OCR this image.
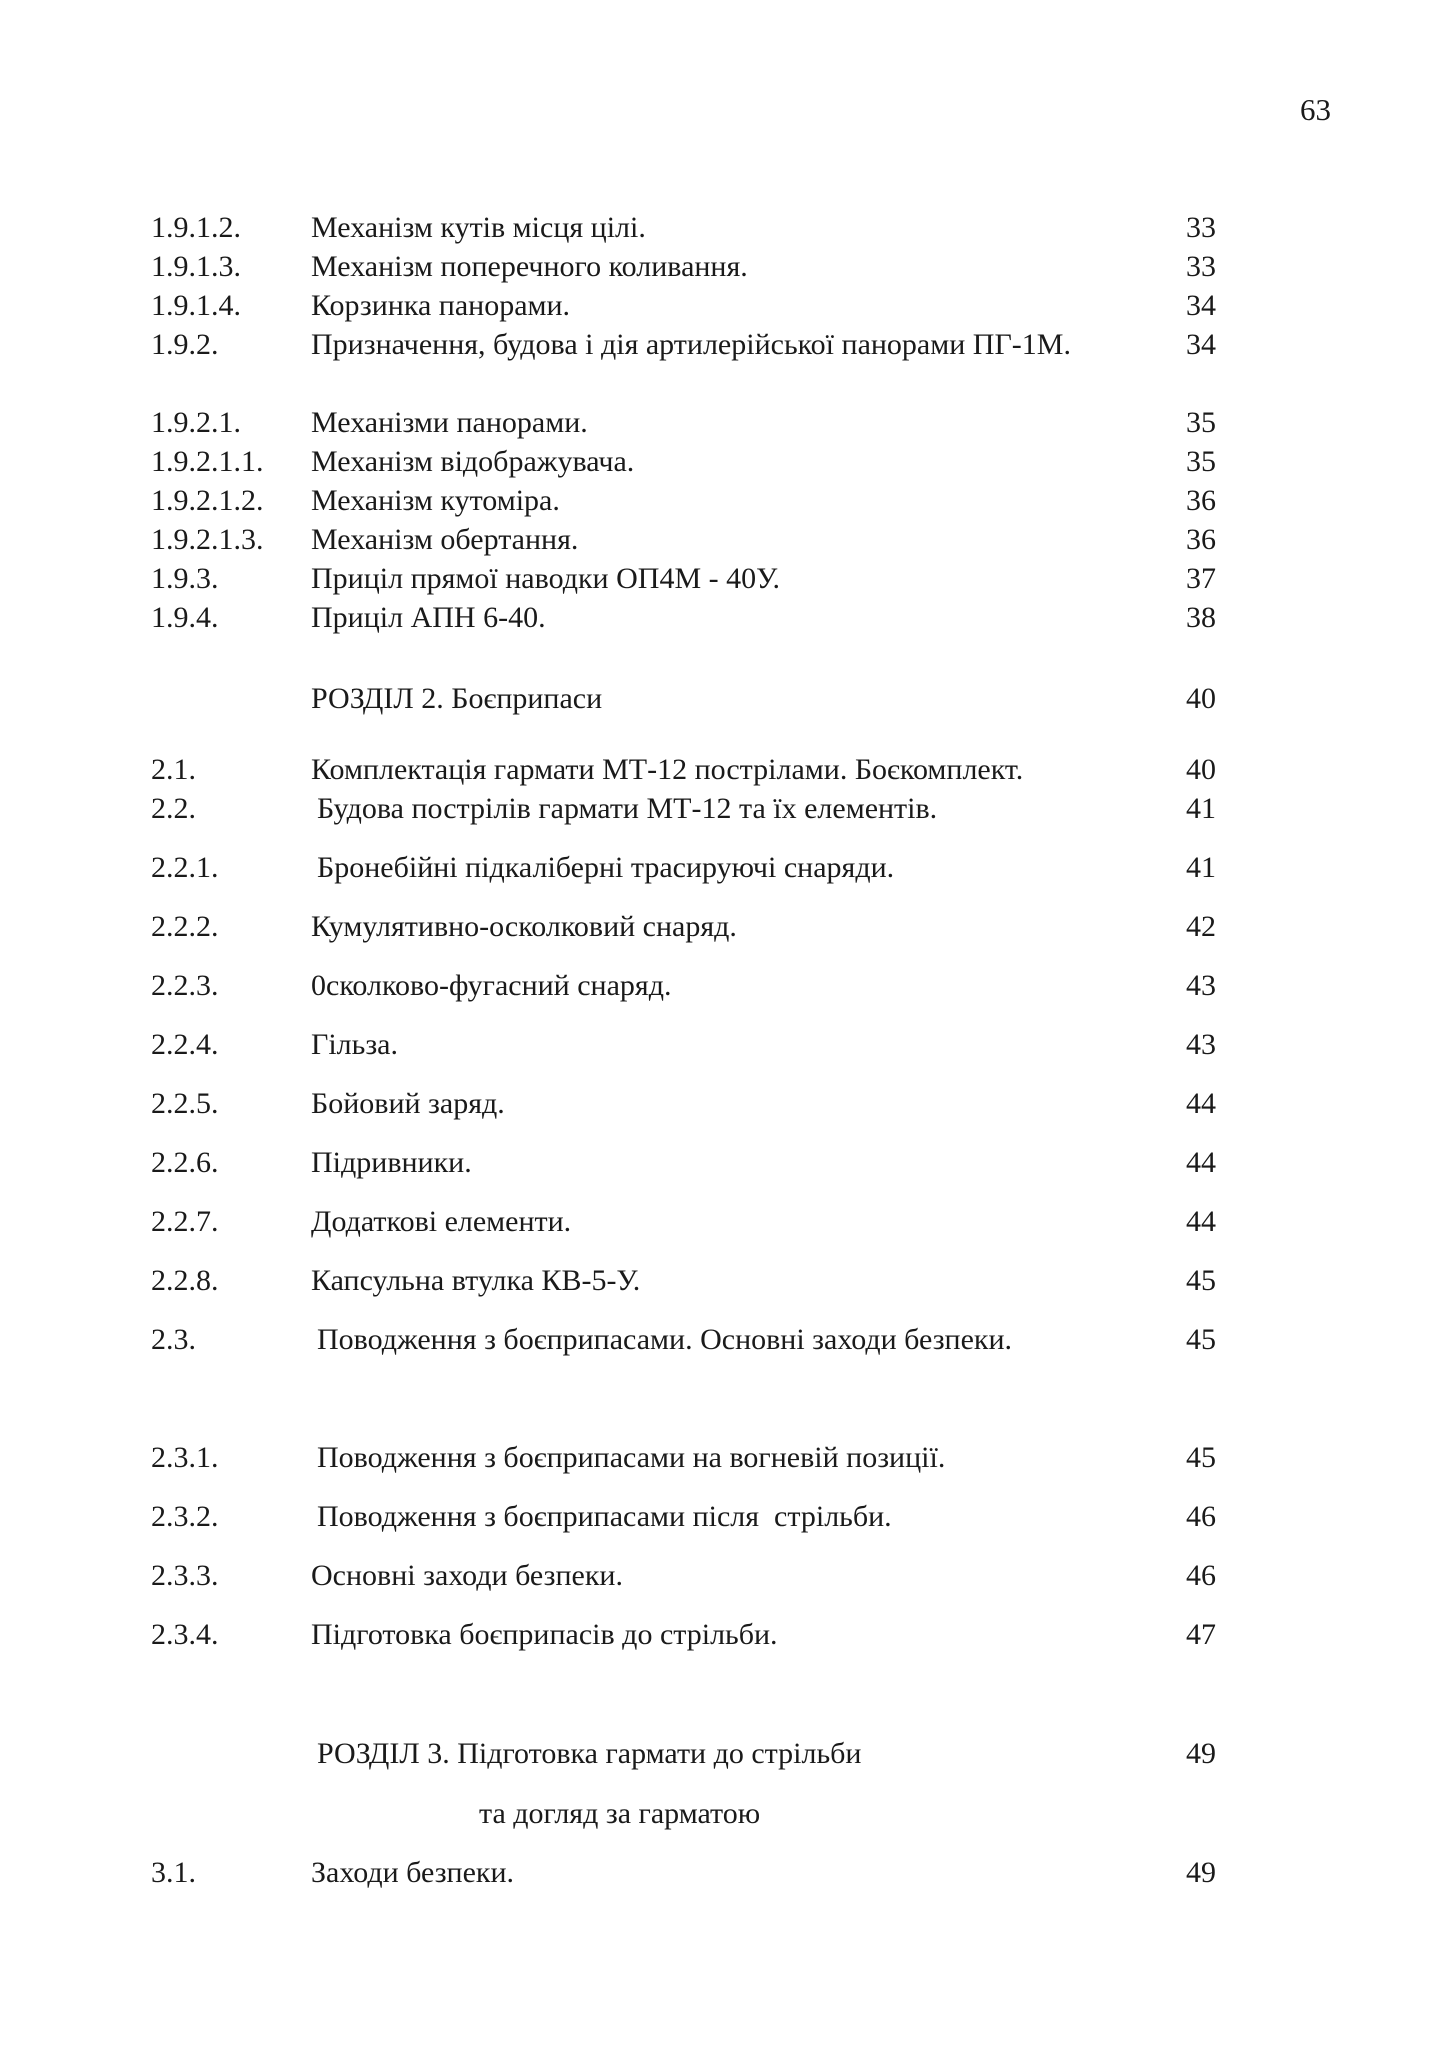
63
1.9.1.2. Механізм кутів місця цілі.	33
1.9.1.3. Механізм поперечного коливання.	33
1.9.1.4. Корзинка панорами.	34
1.9.2.	Призначення, будова і дія артилерійської панорами ПГ-1М.	34
1.9.2.1. Механізми панорами.	35
1.9.2.1.1. Механізм відображувача.	35
1.9.2.1.2. Механізм кутоміра.	36
1.9.2.1.3. Механізм обертання.	36
1.9.3.	Приціл прямої наводки ОП4М - 40У.	37
1.9.4.	Приціл АПН 6-40.	38
РОЗДІЛ 2. Боєприпаси	40
2.1.	Комплектація гармати МТ-12 пострілами. Боєкомплект.	40
2.2.	Будова пострілів гармати МТ-12 та їх елементів.	41
2.2.1.	Бронебійні підкаліберні трасируючі снаряди.	41
2.2.2.	Кумулятивно-осколковий снаряд.	42
2.2.3.	0сколково-фугасний снаряд.	43
2.2.4.	Гільза.	43
2.2.5.	Бойовий заряд.	44
2.2.6.	Підривники.	44
2.2.7.	Додаткові елементи.	44
2.2.8.	Капсульна втулка КВ-5-У.	45
2.3.	Поводження з боєприпасами. Основні заходи безпеки.	45
2.3.1.	Поводження з боєприпасами на вогневій позиції.	45
2.3.2.	Поводження з боєприпасами після  стрільби.	46
2.3.3.	Основні заходи безпеки.	46
2.3.4.	Підготовка боєприпасів до стрільби.	47
РОЗДІЛ 3. Підготовка гармати до стрільби	49
та догляд за гарматою
3.1.	Заходи безпеки.	49
